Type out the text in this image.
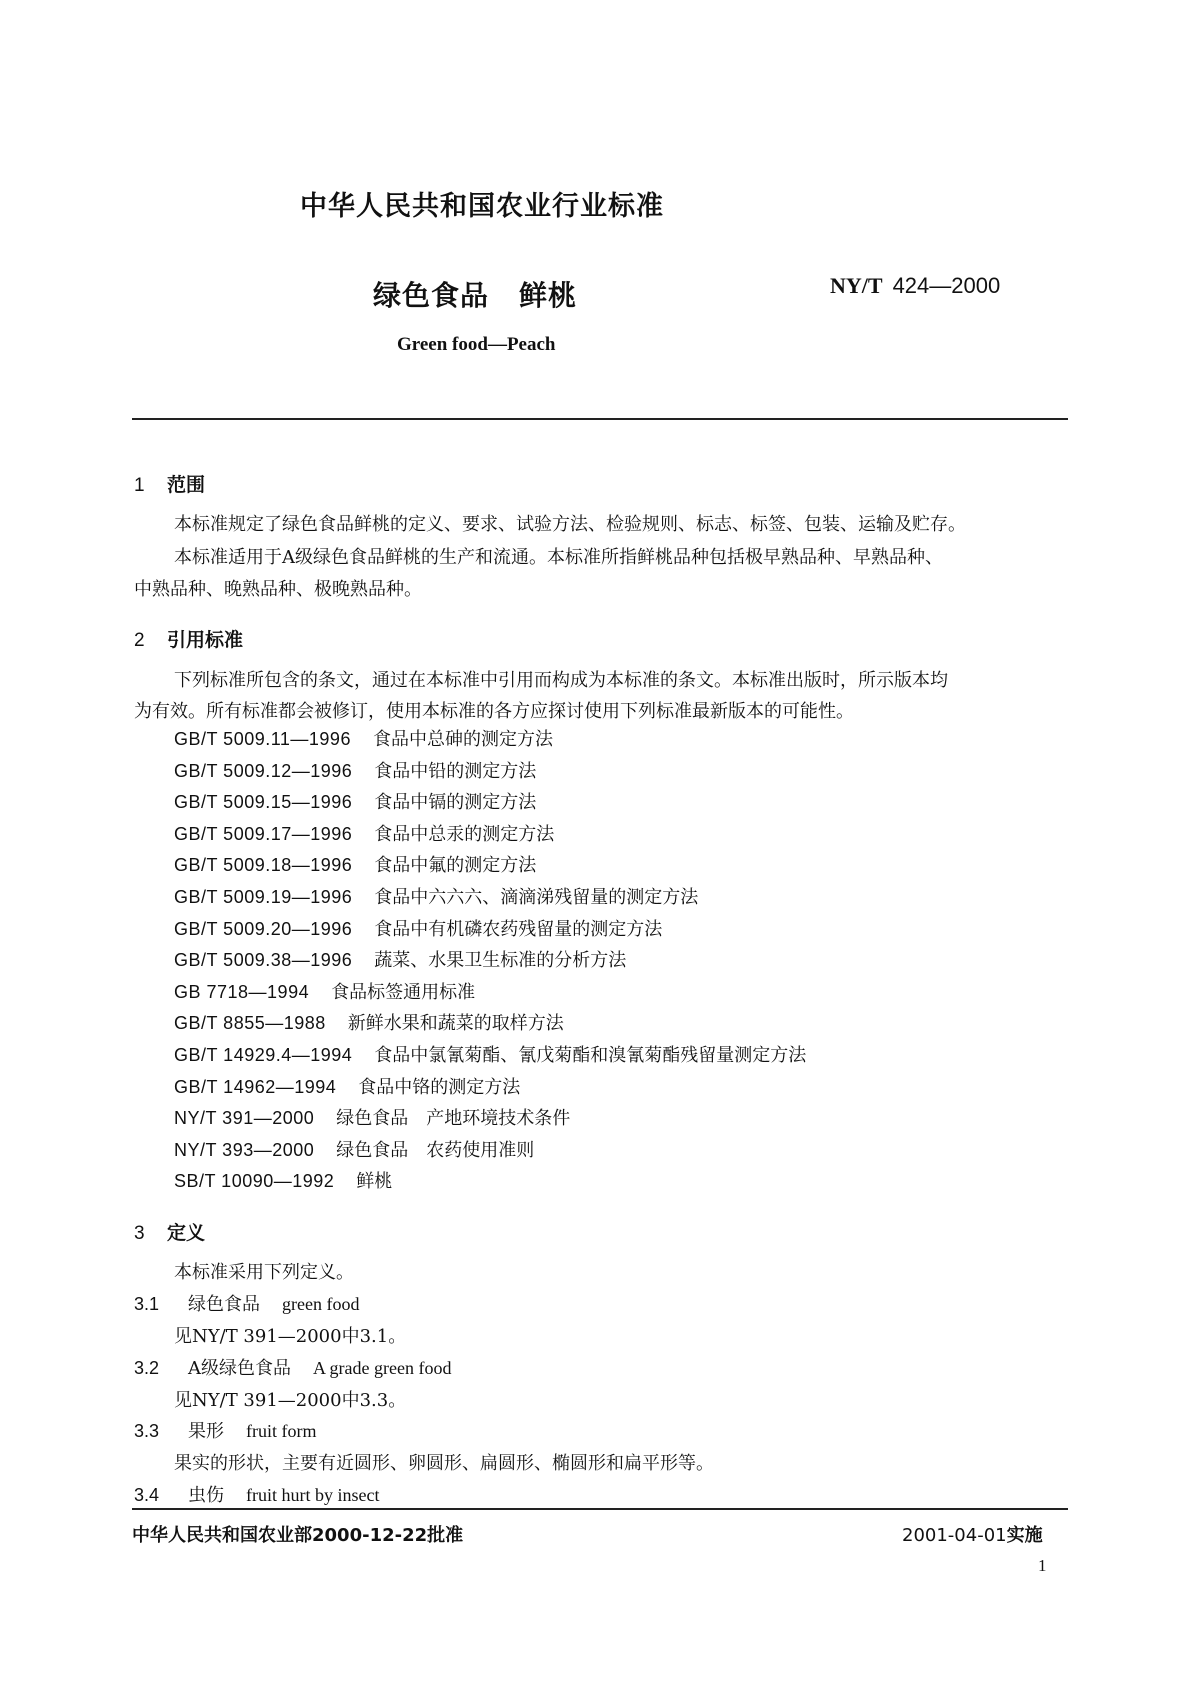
中华人民共和国农业行业标准
绿色食品 鲜桃	NY/T 424—2000
Green food—Peach
1 范围
本标准规定了绿色食品鲜桃的定义、要求、试验方法、检验规则、标志、标签、包装、运输及贮存。
本标准适用于A级绿色食品鲜桃的生产和流通。本标准所指鲜桃品种包括极早熟品种、早熟品种、
中熟品种、晚熟品种、极晚熟品种。
2 引用标准
下列标准所包含的条文，通过在本标准中引用而构成为本标准的条文。本标准出版时，所示版本均
为有效。所有标准都会被修订，使用本标准的各方应探讨使用下列标准最新版本的可能性。
GB/T 5009.11—1996 食品中总砷的测定方法
GB/T 5009.12—1996 食品中铅的测定方法
GB/T 5009.15—1996 食品中镉的测定方法
GB/T 5009.17—1996 食品中总汞的测定方法
GB/T 5009.18—1996 食品中氟的测定方法
GB/T 5009.19—1996 食品中六六六、滴滴涕残留量的测定方法
GB/T 5009.20—1996 食品中有机磷农药残留量的测定方法
GB/T 5009.38—1996 蔬菜、水果卫生标准的分析方法
GB 7718—1994 食品标签通用标准
GB/T 8855—1988 新鲜水果和蔬菜的取样方法
GB/T 14929.4—1994 食品中氯氰菊酯、氰戊菊酯和溴氰菊酯残留量测定方法
GB/T 14962—1994 食品中铬的测定方法
NY/T 391—2000 绿色食品　产地环境技术条件
NY/T 393—2000 绿色食品　农药使用准则
SB/T 10090—1992 鲜桃
3 定义
本标准采用下列定义。
3.1 绿色食品 green food
见NY/T 391—2000中3.1。
3.2 A级绿色食品 A grade green food
见NY/T 391—2000中3.3。
3.3 果形 fruit form
果实的形状，主要有近圆形、卵圆形、扁圆形、椭圆形和扁平形等。
3.4 虫伤 fruit hurt by insect
中华人民共和国农业部2000-12-22批准	2001-04-01实施
1
